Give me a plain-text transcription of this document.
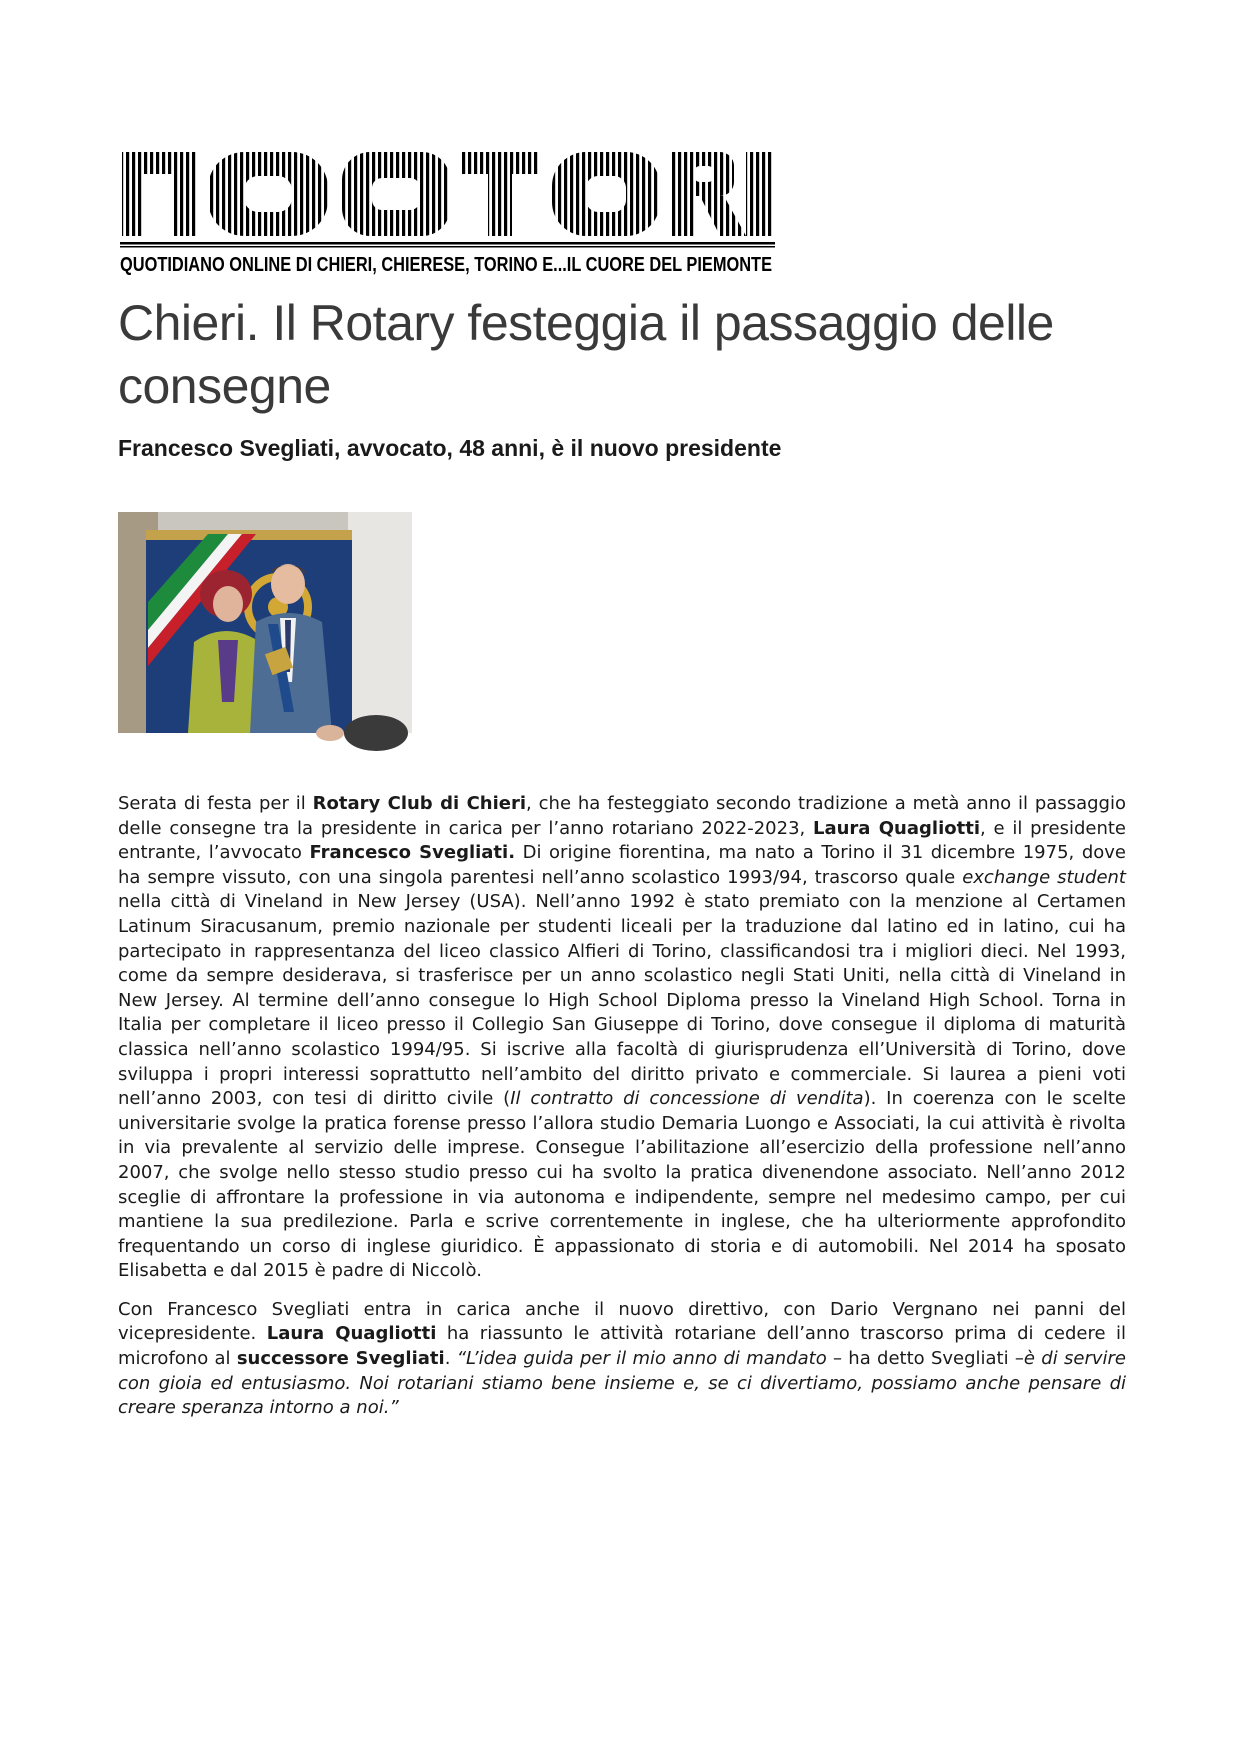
QUOTIDIANO ONLINE DI CHIERI, CHIERESE, TORINO E...IL CUORE DEL PIEMONTE
Chieri. Il Rotary festeggia il passaggio delle consegne
Francesco Svegliati, avvocato, 48 anni, è il nuovo presidente

Serata di festa per il Rotary Club di Chieri, che ha festeggiato secondo tradizione a metà anno il passaggio delle consegne tra la presidente in carica per l’anno rotariano 2022-2023, Laura Quagliotti, e il presidente entrante, l’avvocato Francesco Svegliati. Di origine fiorentina, ma nato a Torino il 31 dicembre 1975, dove ha sempre vissuto, con una singola parentesi nell’anno scolastico 1993/94, trascorso quale exchange student nella città di Vineland in New Jersey (USA). Nell’anno 1992 è stato premiato con la menzione al Certamen Latinum Siracusanum, premio nazionale per studenti liceali per la traduzione dal latino ed in latino, cui ha partecipato in rappresentanza del liceo classico Alfieri di Torino, classificandosi tra i migliori dieci. Nel 1993, come da sempre desiderava, si trasferisce per un anno scolastico negli Stati Uniti, nella città di Vineland in New Jersey. Al termine dell’anno consegue lo High School Diploma presso la Vineland High School. Torna in Italia per completare il liceo presso il Collegio San Giuseppe di Torino, dove consegue il diploma di maturità classica nell’anno scolastico 1994/95. Si iscrive alla facoltà di giurisprudenza ell’Università di Torino, dove sviluppa i propri interessi soprattutto nell’ambito del diritto privato e commerciale. Si laurea a pieni voti nell’anno 2003, con tesi di diritto civile (Il contratto di concessione di vendita). In coerenza con le scelte universitarie svolge la pratica forense presso l’allora studio Demaria Luongo e Associati, la cui attività è rivolta in via prevalente al servizio delle imprese. Consegue l’abilitazione all’esercizio della professione nell’anno 2007, che svolge nello stesso studio presso cui ha svolto la pratica divenendone associato. Nell’anno 2012 sceglie di affrontare la professione in via autonoma e indipendente, sempre nel medesimo campo, per cui mantiene la sua predilezione. Parla e scrive correntemente in inglese, che ha ulteriormente approfondito frequentando un corso di inglese giuridico. È appassionato di storia e di automobili. Nel 2014 ha sposato Elisabetta e dal 2015 è padre di Niccolò.

Con Francesco Svegliati entra in carica anche il nuovo direttivo, con Dario Vergnano nei panni del vicepresidente. Laura Quagliotti ha riassunto le attività rotariane dell’anno trascorso prima di cedere il microfono al successore Svegliati. “L’idea guida per il mio anno di mandato – ha detto Svegliati –è di servire con gioia ed entusiasmo. Noi rotariani stiamo bene insieme e, se ci divertiamo, possiamo anche pensare di creare speranza intorno a noi.”
